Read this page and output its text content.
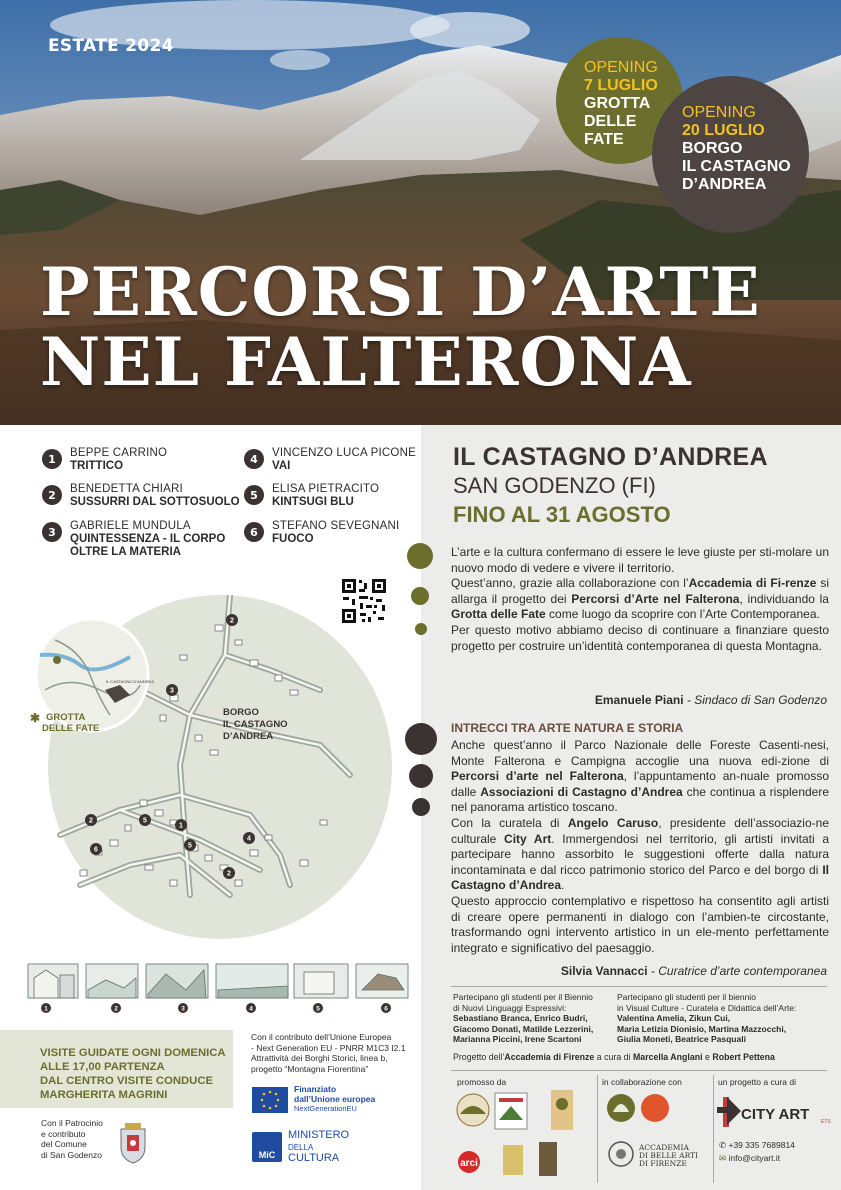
ESTATE 2024
PERCORSI D’ARTE
NEL FALTERONA
OPENING
7 LUGLIO
GROTTA
DELLE
FATE
OPENING
20 LUGLIO
BORGO
IL CASTAGNO
D’ANDREA
1	BEPPE CARRINO
TRITTICO
2	BENEDETTA CHIARI
SUSSURRI DAL SOTTOSUOLO
3	GABRIELE MUNDULA
QUINTESSENZA - IL CORPO
OLTRE LA MATERIA
4	VINCENZO LUCA PICONE
VAI
5	ELISA PIETRACITO
KINTSUGI BLU
6	STEFANO SEVEGNANI
FUOCO
2
3
4
1
5
5
2
6
2
BORGO
IL CASTAGNO
D’ANDREA
IL CASTAGNO D'ANDREA
✱ GROTTA
DELLE FATE
1	2	3	4	5	6
VISITE GUIDATE OGNI DOMENICA
ALLE 17,00 PARTENZA
DAL CENTRO VISITE CONDUCE
MARGHERITA MAGRINI
Con il contributo dell’Unione Europea
- Next Generation EU - PNRR M1C3 I2.1
Attrattività dei Borghi Storici, linea b,
progetto “Montagna Fiorentina”
Finanziato
dall’Unione europea
NextGenerationEU
MiC
MINISTERO
DELLA
CULTURA
Con il Patrocinio
e contributo
del Comune
di San Godenzo
IL CASTAGNO D’ANDREA
SAN GODENZO (FI)
FINO AL 31 AGOSTO
L’arte e la cultura confermano di essere le leve giuste per sti-molare un nuovo modo di vedere e vivere il territorio.
Quest’anno, grazie alla collaborazione con l’Accademia di Fi-renze si allarga il progetto dei Percorsi d’Arte nel Falterona, individuando la Grotta delle Fate come luogo da scoprire con l’Arte Contemporanea.
Per questo motivo abbiamo deciso di continuare a finanziare questo progetto per costruire un’identità contemporanea di questa Montagna.
Emanuele Piani - Sindaco di San Godenzo
INTRECCI TRA ARTE NATURA E STORIA
Anche quest’anno il Parco Nazionale delle Foreste Casenti-nesi, Monte Falterona e Campigna accoglie una nuova edi-zione di Percorsi d’arte nel Falterona, l’appuntamento an-nuale promosso dalle Associazioni di Castagno d’Andrea che continua a risplendere nel panorama artistico toscano.
Con la curatela di Angelo Caruso, presidente dell’associazio-ne culturale City Art. Immergendosi nel territorio, gli artisti invitati a partecipare hanno assorbito le suggestioni offerte dalla natura incontaminata e dal ricco patrimonio storico del Parco e del borgo di Il Castagno d’Andrea.
Questo approccio contemplativo e rispettoso ha consentito agli artisti di creare opere permanenti in dialogo con l’ambien-te circostante, trasformando ogni intervento artistico in un ele-mento perfettamente integrato e significativo del paesaggio.
Silvia Vannacci - Curatrice d’arte contemporanea
Partecipano gli studenti per il Biennio
di Nuovi Linguaggi Espressivi:
Sebastiano Branca, Enrico Budri,
Giacomo Donati, Matilde Lezzerini,
Marianna Piccini, Irene Scartoni
Partecipano gli studenti per il biennio
in Visual Culture - Curatela e Didattica dell’Arte:
Valentina Amelia, Zikun Cui,
Maria Letizia Dionisio, Martina Mazzocchi,
Giulia Moneti, Beatrice Pasquali
Progetto dell’Accademia di Firenze a cura di Marcella Anglani e Robert Pettena
promosso da	in collaborazione con	un progetto a cura di
arci
ACCADEMIA
DI BELLE ARTI
DI FIRENZE
CITY ART ETS
✆ +39 335 7689814
✉ info@cityart.it
